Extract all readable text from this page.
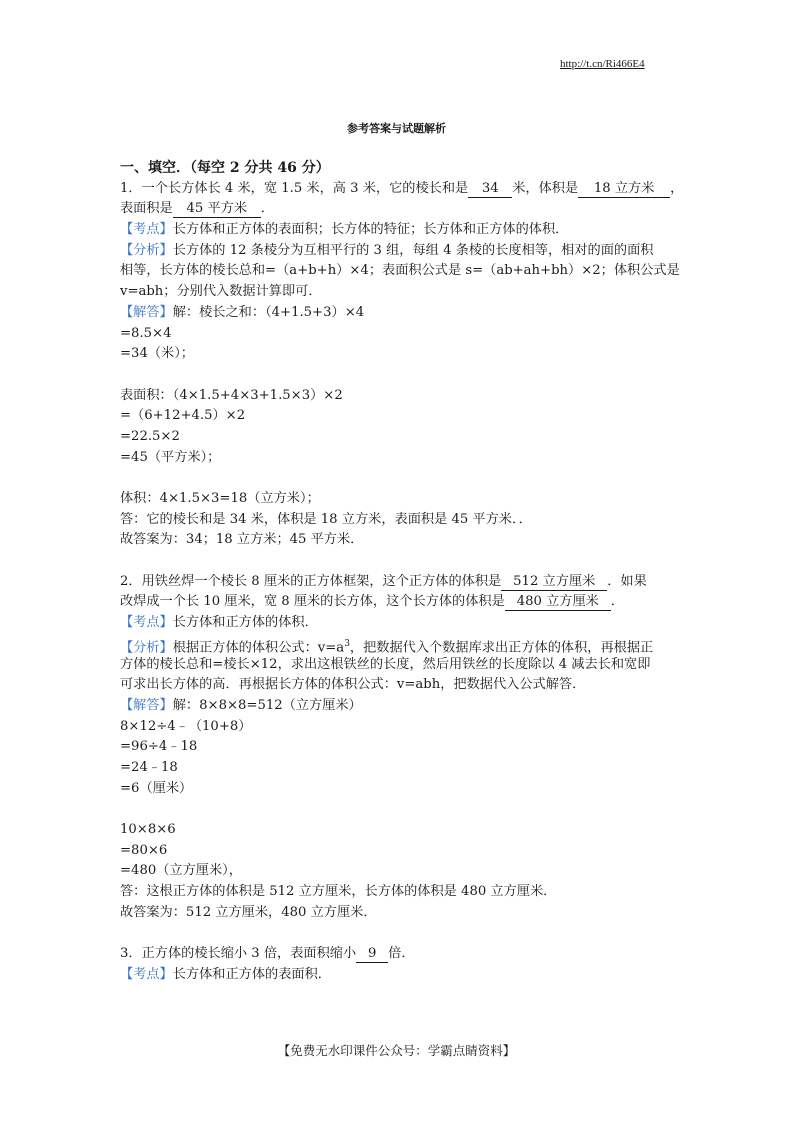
http://t.cn/Ri466E4
参考答案与试题解析
一、填空．（每空 2 分共 46 分）
1．一个长方体长 4 米，宽 1.5 米，高 3 米，它的棱长和是 34 米，体积是 18 立方米 ，
表面积是 45 平方米 ．
【考点】长方体和正方体的表面积；长方体的特征；长方体和正方体的体积．
【分析】长方体的 12 条棱分为互相平行的 3 组，每组 4 条棱的长度相等，相对的面的面积
相等，长方体的棱长总和=（a+b+h）×4；表面积公式是 s=（ab+ah+bh）×2；体积公式是
v=abh；分别代入数据计算即可．
【解答】解：棱长之和：（4+1.5+3）×4
=8.5×4
=34（米）；
表面积：（4×1.5+4×3+1.5×3）×2
=（6+12+4.5）×2
=22.5×2
=45（平方米）；
体积：4×1.5×3=18（立方米）；
答：它的棱长和是 34 米，体积是 18 立方米，表面积是 45 平方米．．
故答案为：34；18 立方米；45 平方米．
2．用铁丝焊一个棱长 8 厘米的正方体框架，这个正方体的体积是 512 立方厘米 ．如果
改焊成一个长 10 厘米，宽 8 厘米的长方体，这个长方体的体积是 480 立方厘米 ．
【考点】长方体和正方体的体积．
【分析】根据正方体的体积公式：$v=a^3$，把数据代入个数据库求出正方体的体积，再根据正
方体的棱长总和=棱长×12，求出这根铁丝的长度，然后用铁丝的长度除以 4 减去长和宽即
可求出长方体的高．再根据长方体的体积公式：v=abh，把数据代入公式解答．
【解答】解：8×8×8=512（立方厘米）
8×12÷4﹣（10+8）
=96÷4﹣18
=24﹣18
=6（厘米）
10×8×6
=80×6
=480（立方厘米），
答：这根正方体的体积是 512 立方厘米，长方体的体积是 480 立方厘米．
故答案为：512 立方厘米，480 立方厘米．
3．正方体的棱长缩小 3 倍，表面积缩小 9 倍．
【考点】长方体和正方体的表面积．
【免费无水印课件公众号：学霸点睛资料】
